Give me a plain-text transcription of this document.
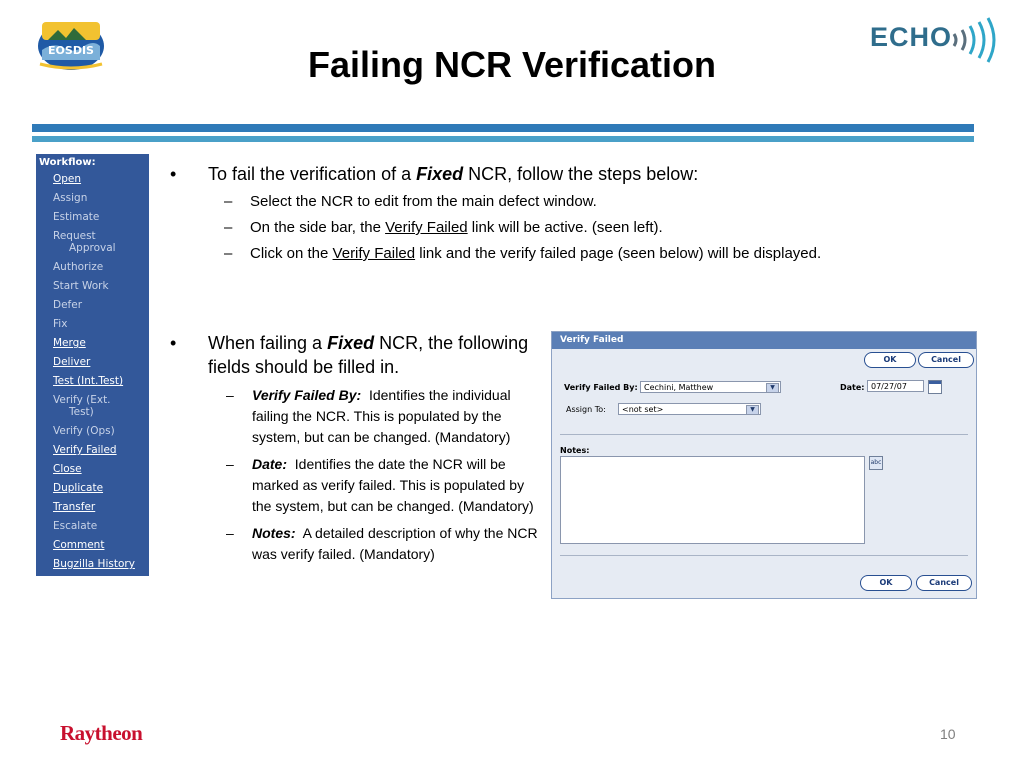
EOSDIS	Failing NCR Verification
ECHO
Workflow:
Open
Assign
Estimate
Request
Approval
Authorize
Start Work
Defer
Fix
Merge
Deliver
Test (Int.Test)
Verify (Ext.
Test)
Verify (Ops)
Verify Failed
Close
Duplicate
Transfer
Escalate
Comment
Bugzilla History
• To fail the verification of a Fixed NCR, follow the steps below:
– Select the NCR to edit from the main defect window.
– On the side bar, the Verify Failed link will be active. (seen left).
– Click on the Verify Failed link and the verify failed page (seen below) will be displayed.
• When failing a Fixed NCR, the following fields should be filled in.
– Verify Failed By: Identifies the individual failing the NCR. This is populated by the system, but can be changed. (Mandatory)
– Date: Identifies the date the NCR will be marked as verify failed. This is populated by the system, but can be changed. (Mandatory)
– Notes: A detailed description of why the NCR was verify failed. (Mandatory)
Verify Failed
OK	Cancel
Verify Failed By: Cechini, Matthew	▼	Date: 07/27/07
Assign To:	<not set>	▼
Notes:
abc
OK	Cancel
Raytheon	10
